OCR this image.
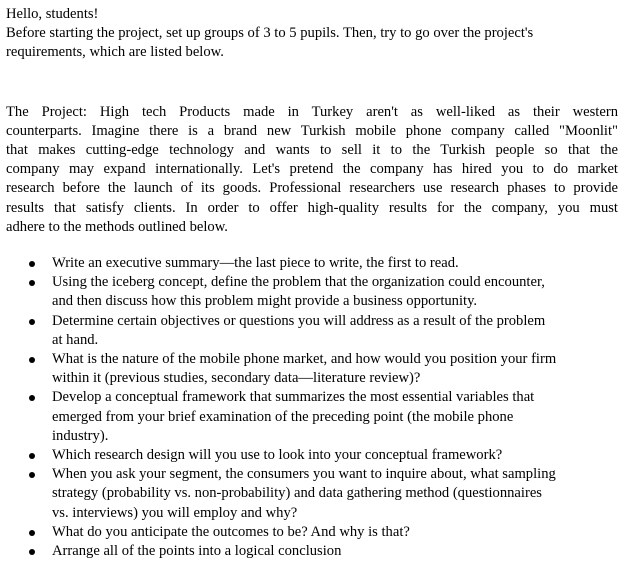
Hello, students!
Before starting the project, set up groups of 3 to 5 pupils. Then, try to go over the project's
requirements, which are listed below.
The Project: High tech Products made in Turkey aren't as well-liked as their western
counterparts. Imagine there is a brand new Turkish mobile phone company called "Moonlit"
that makes cutting-edge technology and wants to sell it to the Turkish people so that the
company may expand internationally. Let's pretend the company has hired you to do market
research before the launch of its goods. Professional researchers use research phases to provide
results that satisfy clients. In order to offer high-quality results for the company, you must
adhere to the methods outlined below.
Write an executive summary—the last piece to write, the first to read.
Using the iceberg concept, define the problem that the organization could encounter,
and then discuss how this problem might provide a business opportunity.
Determine certain objectives or questions you will address as a result of the problem
at hand.
What is the nature of the mobile phone market, and how would you position your firm
within it (previous studies, secondary data—literature review)?
Develop a conceptual framework that summarizes the most essential variables that
emerged from your brief examination of the preceding point (the mobile phone
industry).
Which research design will you use to look into your conceptual framework?
When you ask your segment, the consumers you want to inquire about, what sampling
strategy (probability vs. non-probability) and data gathering method (questionnaires
vs. interviews) you will employ and why?
What do you anticipate the outcomes to be? And why is that?
Arrange all of the points into a logical conclusion
